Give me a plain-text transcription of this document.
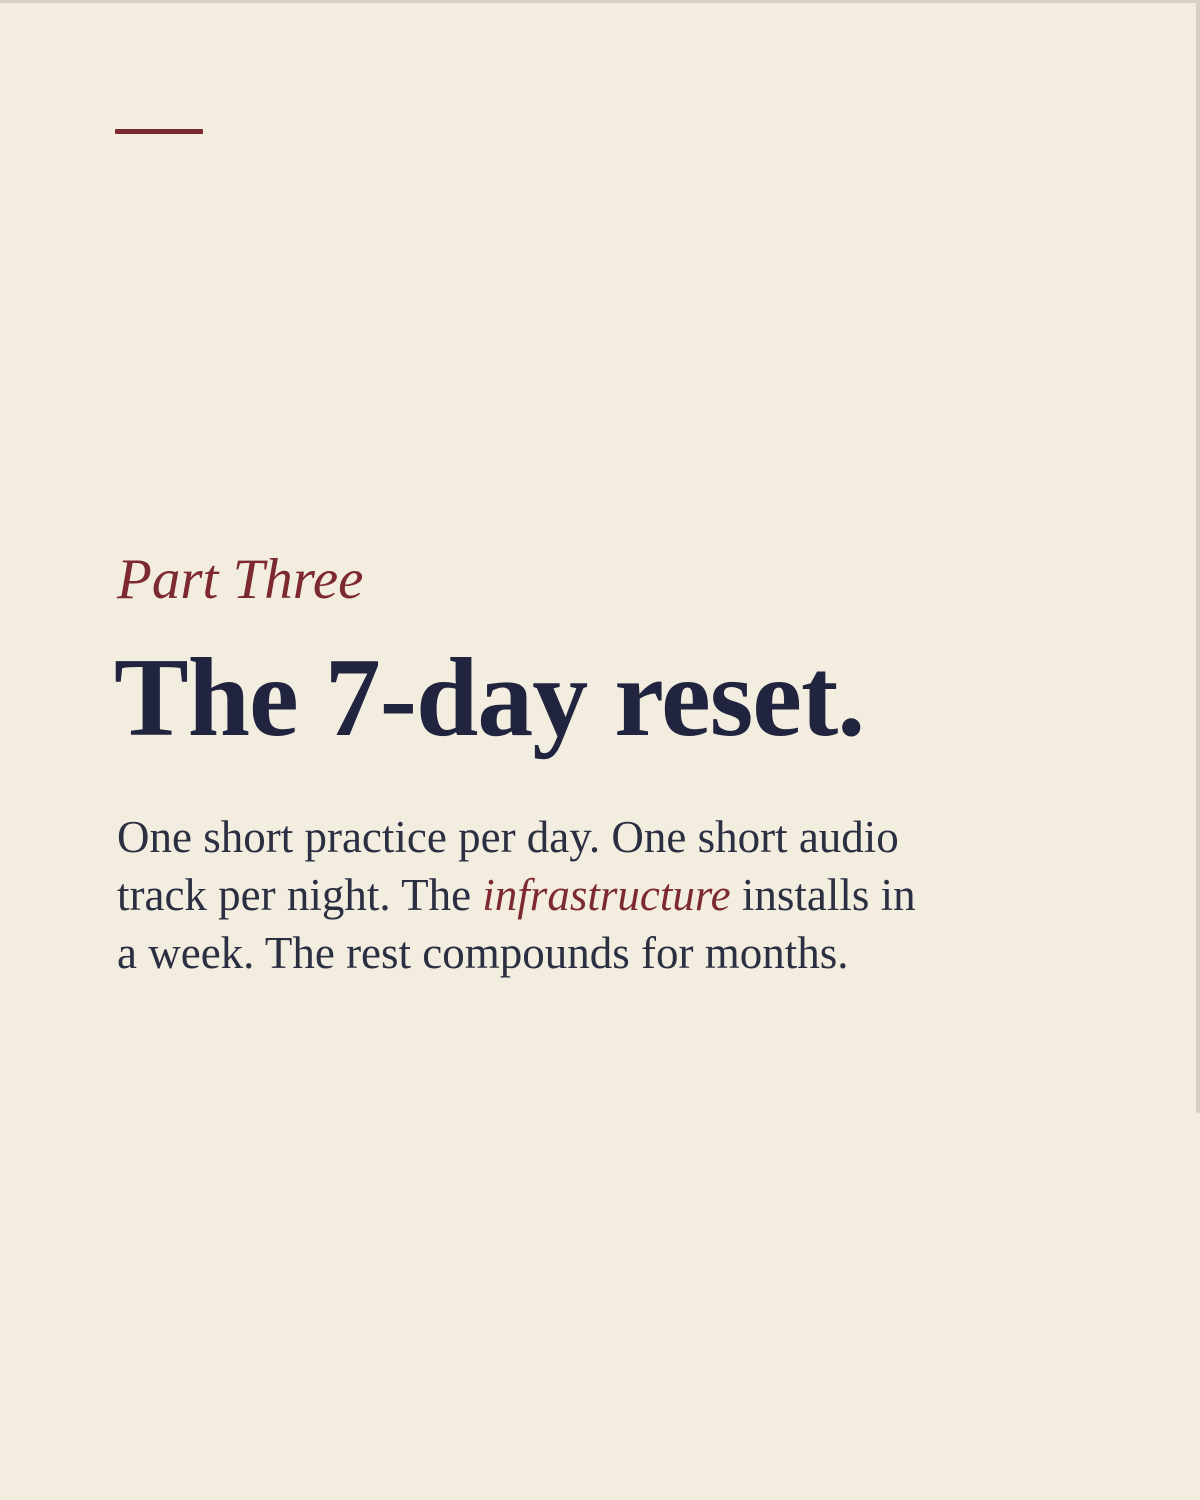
Part Three
The 7-day reset.
One short practice per day. One short audio
track per night. The infrastructure installs in
a week. The rest compounds for months.
